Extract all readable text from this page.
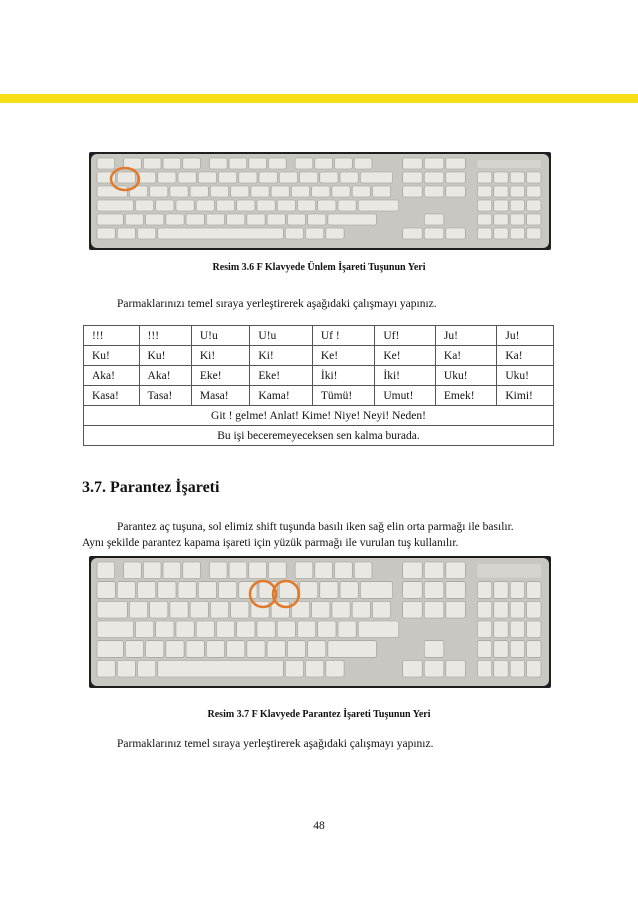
Resim 3.6 F Klavyede Ünlem İşareti Tuşunun Yeri
Parmaklarınızı temel sıraya yerleştirerek aşağıdaki çalışmayı yapınız.
!!!	!!!	U!u	U!u	Uf !	Uf!	Ju!	Ju!
Ku!	Ku!	Ki!	Ki!	Ke!	Ke!	Ka!	Ka!
Aka!	Aka!	Eke!	Eke!	İki!	İki!	Uku!	Uku!
Kasa!	Tasa!	Masa!	Kama!	Tümü!	Umut!	Emek!	Kimi!
Git ! gelme! Anlat! Kime! Niye! Neyi! Neden!							
Bu işi beceremeyeceksen sen kalma burada.							
3.7. Parantez İşareti
Parantez aç tuşuna, sol elimiz shift tuşunda basılı iken sağ elin orta parmağı ile basılır.
Aynı şekilde parantez kapama işareti için yüzük parmağı ile vurulan tuş kullanılır.
Resim 3.7 F Klavyede Parantez İşareti Tuşunun Yeri
Parmaklarınız temel sıraya yerleştirerek aşağıdaki çalışmayı yapınız.
48
